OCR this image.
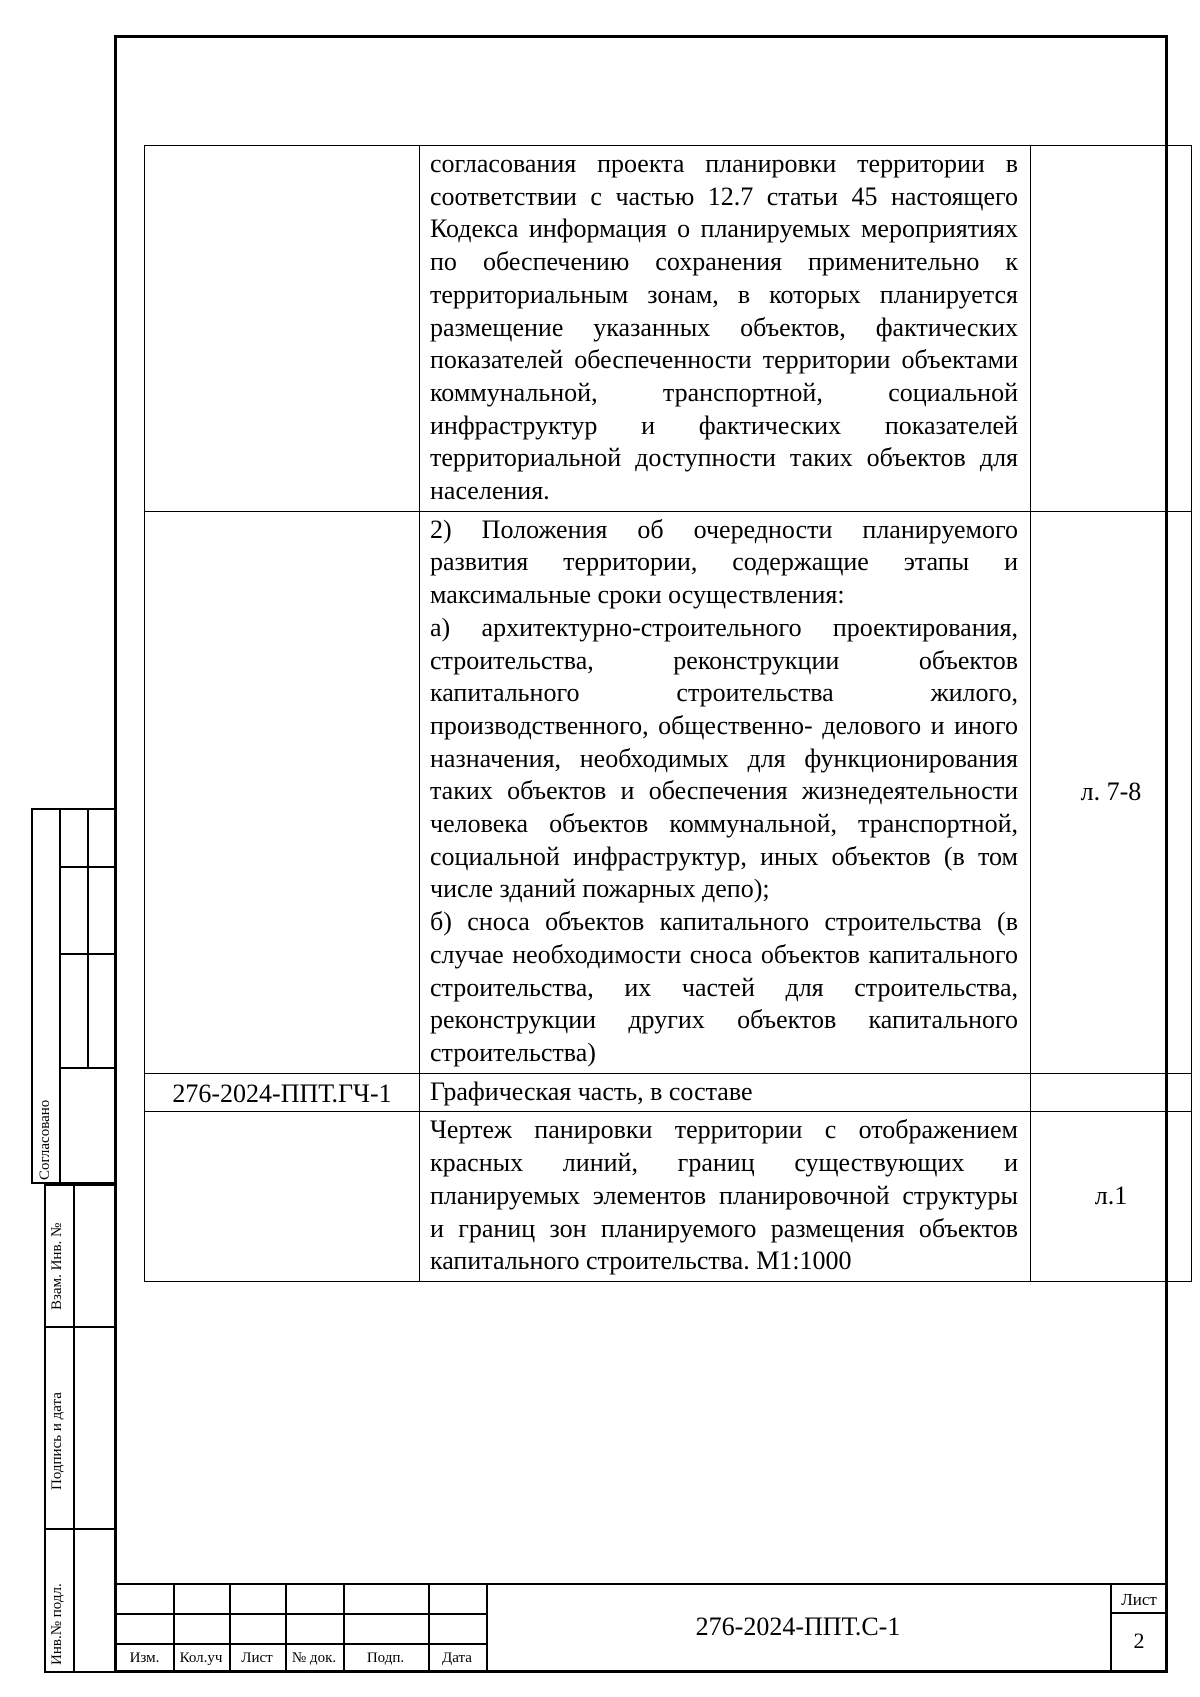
	согласования проекта планировки территории в соответствии с частью 12.7 статьи 45 настоящего Кодекса информация о планируемых мероприятиях по обеспечению сохранения применительно к территориальным зонам, в которых планируется размещение указанных объектов, фактических показателей обеспеченности территории объектами коммунальной, транспортной, социальной инфраструктур и фактических показателей территориальной доступности таких объектов для населения.	

	2) Положения об очередности планируемого развития территории, содержащие этапы и максимальные сроки осуществления:

а) архитектурно-строительного проектирования, строительства, реконструкции объектов капитального строительства жилого, производственного, общественно- делового и иного назначения, необходимых для функционирования таких объектов и обеспечения жизнедеятельности человека объектов коммунальной, транспортной, социальной инфраструктур, иных объектов (в том числе зданий пожарных депо);

б) сноса объектов капитального строительства (в случае необходимости сноса объектов капитального строительства, их частей для строительства, реконструкции других объектов капитального строительства)	л. 7-8
276-2024-ППТ.ГЧ-1	Графическая часть, в составе	

	Чертеж панировки территории с отображением красных линий, границ существующих и планируемых элементов планировочной структуры и границ зон планируемого размещения объектов капитального строительства. М1:1000	л.1
Согласовано
Взам. Инв. №
Подпись и дата
Инв.№ подл.	Изм.	Кол.уч	Лист	№ док.	Подп.	Дата
276-2024-ППТ.С-1
Лист
2
